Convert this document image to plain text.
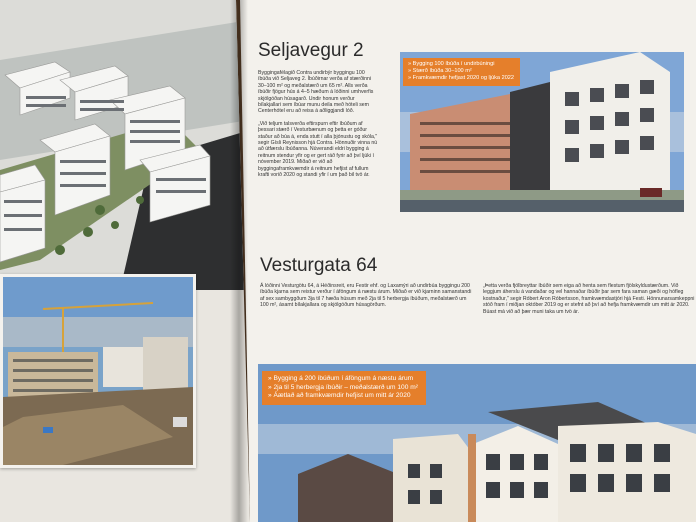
Seljavegur 2

Byggingafélagið Contra undirbýr byggingu 100 íbúða við Seljaveg 2. Íbúðirnar verða af stærðinni 30–100 m² og meðalstærð um 65 m². Alls verða íbúðir fjögur hús á 4–5 hæðum á lóðinni umhverfis skjólgóðan húsagarð. Undir honum verður bílakjallari sem íbúar munu deila með hóteli sem Centerhótel eru að reisa á aðliggjandi lóð.

„Við teljum talsverða eftirspurn eftir íbúðum af þessari stærð í Vesturbænum og þetta er góður staður að búa á, enda stutt í alla þjónustu og skóla," segir Gísli Reynisson hjá Contra. Hönnuðir vinna nú að útfærslu íbúðanna. Núverandi eldri bygging á reitnum stendur yfir og er gert ráð fyrir að því ljúki í nóvember 2019. Miðað er við að byggingaframkvæmdir á reitnum hefjist af fullum krafti vorið 2020 og standi yfir í um það bil tvö ár.

» Bygging 100 íbúða í undirbúningi
» Stærð íbúða 30–100 m²
» Framkvæmdir hefjast 2020 og ljúka 2022
Vesturgata 64

Á lóðinni Vesturgötu 64, á Héðinsreit, eru Festir ehf. og Laxamýri að undirbúa byggingu 200 íbúða kjarna sem reistur verður í áföngum á næstu árum. Miðað er við kjarninn samanstandi af sex sambyggðum 3ja til 7 hæða húsum með 2ja til 5 herbergja íbúðum, meðalstærð um 100 m², ásamt bílakjallara og skjólgóðum húsagörðum.

„Þetta verða fjölbreyttar íbúðir sem eiga að henta sem flestum fjölskyldustærðum. Við leggjum áherslu á vandaðar og vel hannaðar íbúðir þar sem fara saman gæði og hófleg kostnaður," segir Róbert Aron Róbertsson, framkvæmdastjóri hjá Festi. Hönnunarsamkeppni stóð fram í miðjan október 2019 og er stefnt að því að hefja framkvæmdir um mitt ár 2020. Búast má við að þær muni taka um tvö ár.

» Bygging á 200 íbúðum í áföngum á næstu árum
» 2ja til 5 herbergja íbúðir – meðalstærð um 100 m²
» Áætlað að framkvæmdir hefjist um mitt ár 2020
